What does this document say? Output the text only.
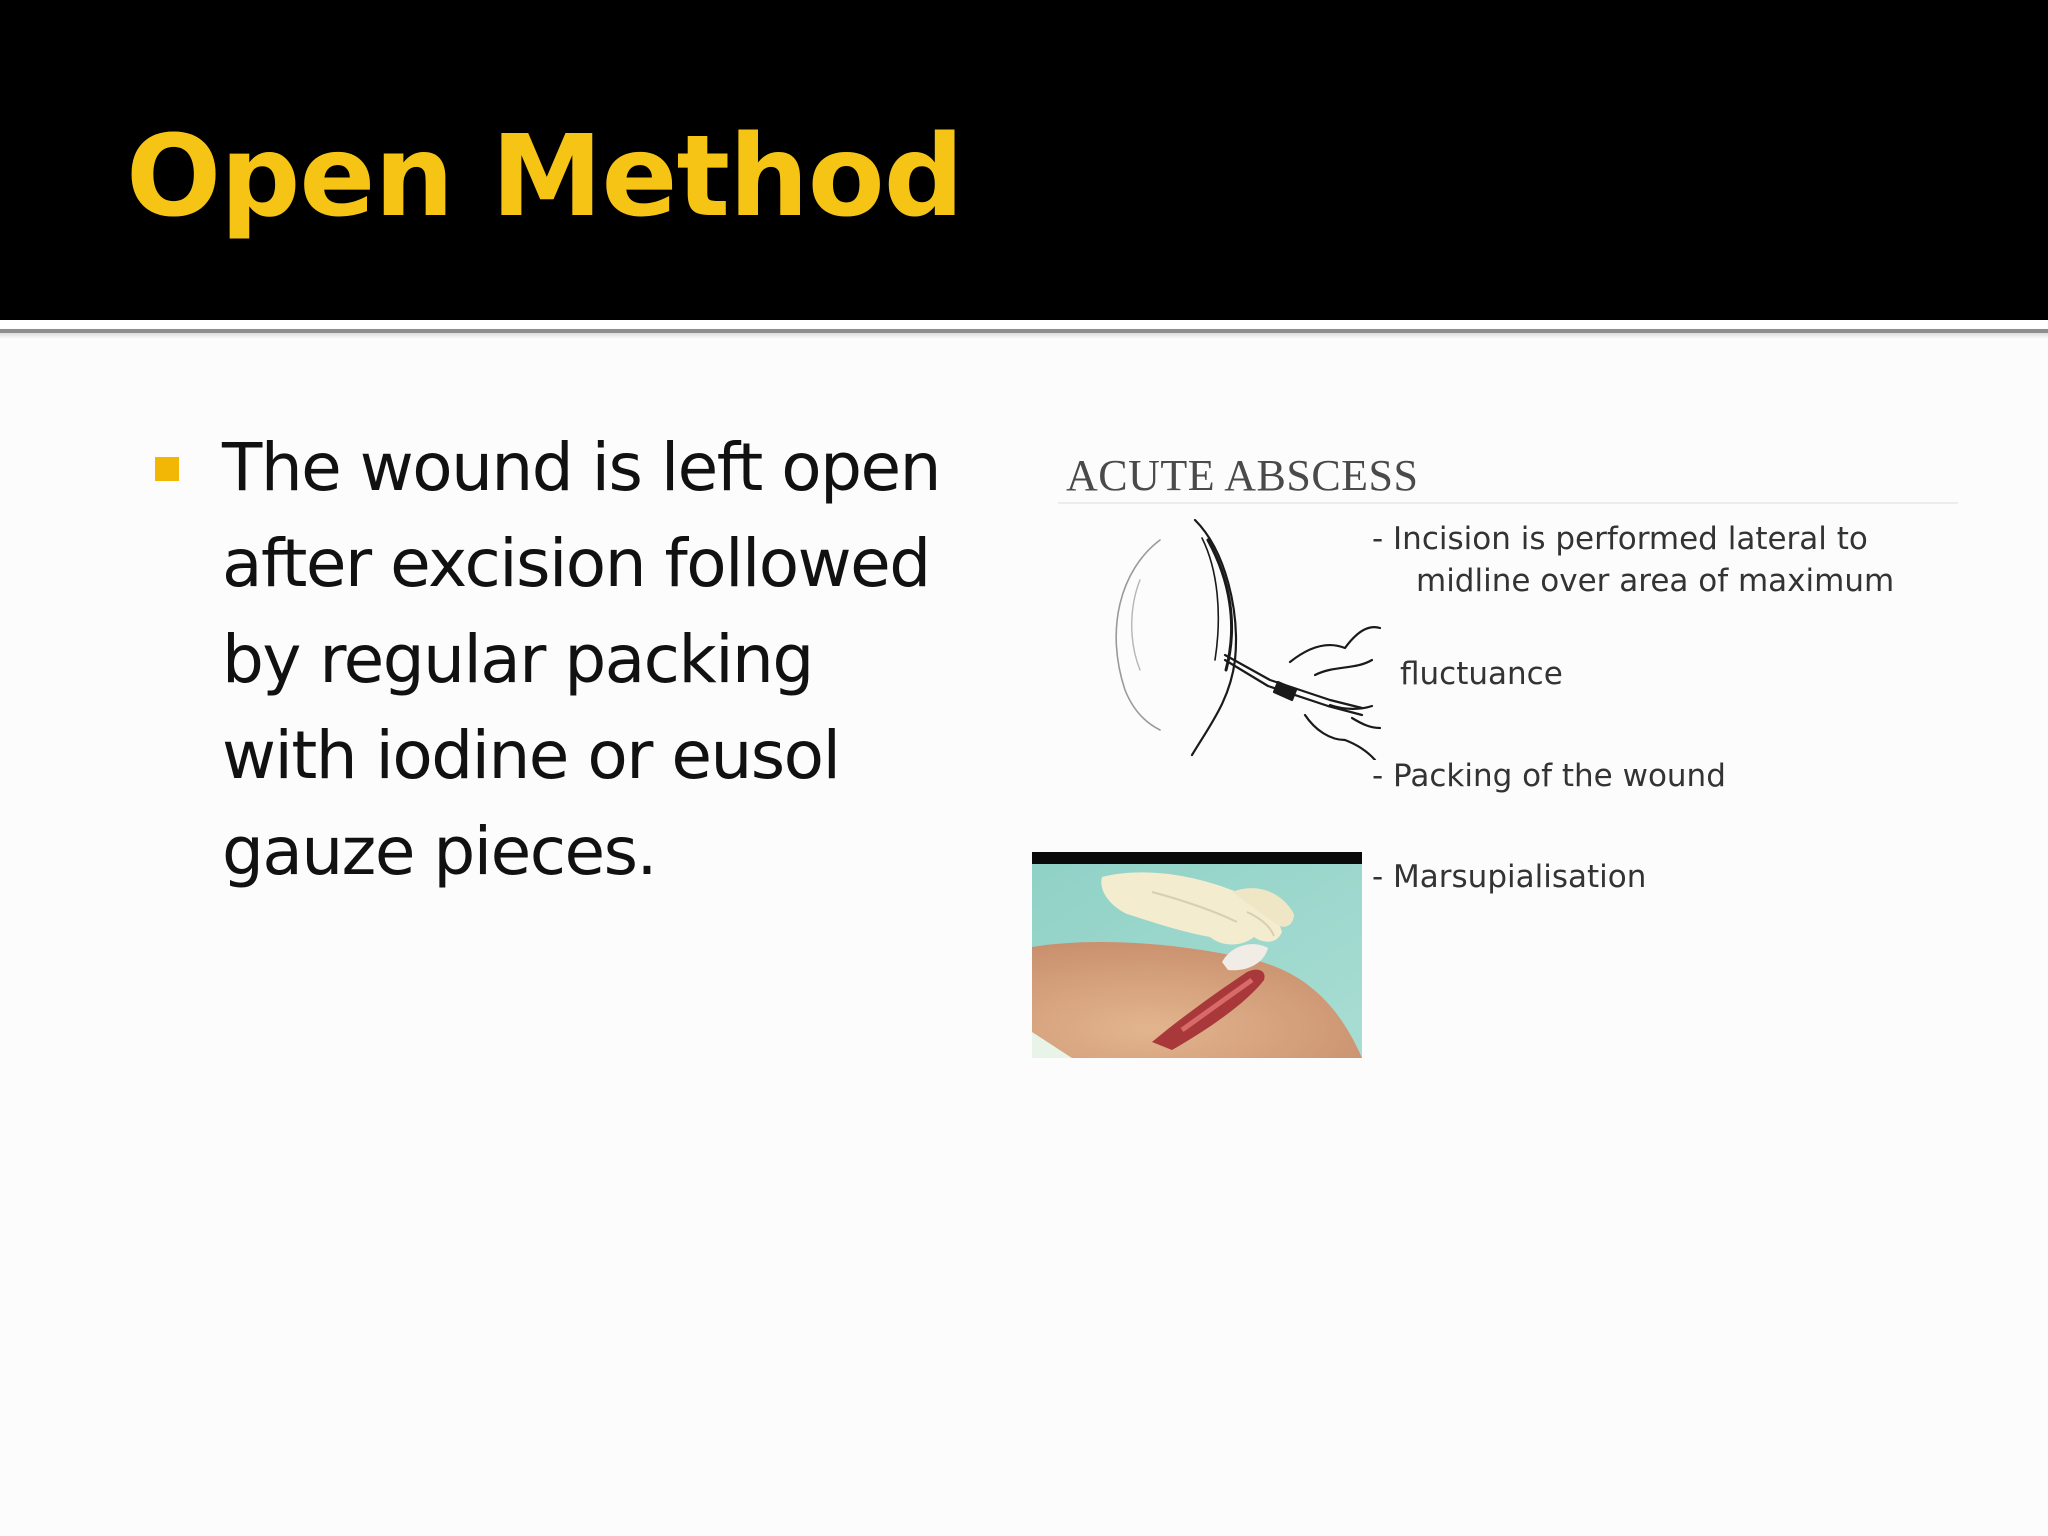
Open Method

The wound is left open
after excision followed
by regular packing
with iodine or eusol
gauze pieces.

ACUTE ABSCESS
- Incision is performed lateral to
midline over area of maximum
fluctuance
- Packing of the wound
- Marsupialisation
